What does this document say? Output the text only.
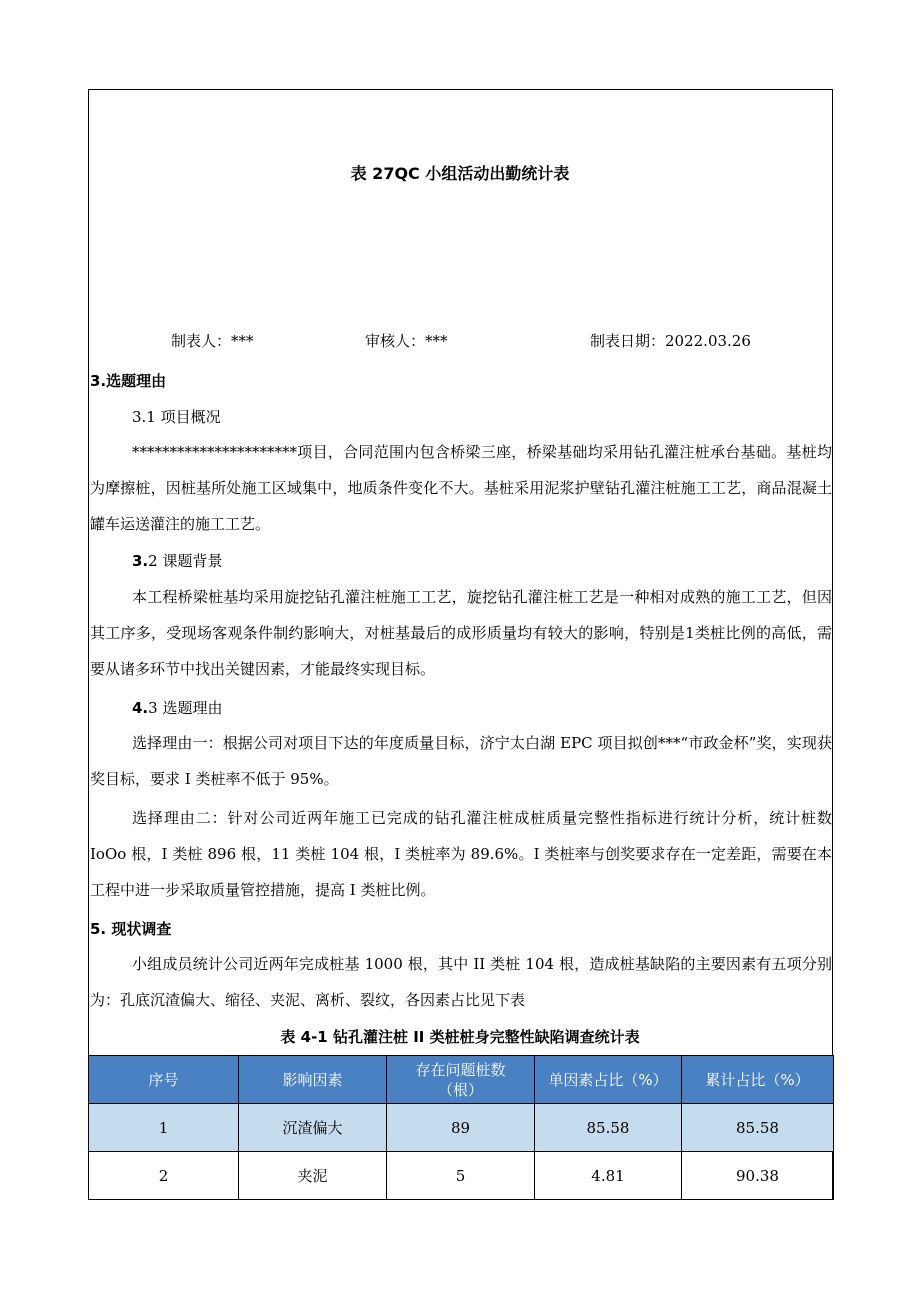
表 27QC 小组活动出勤统计表
制表人：***	审核人：***	制表日期：2022.03.26
3.选题理由
3.1 项目概况

**********************项目，合同范围内包含桥梁三座，桥梁基础均采用钻孔灌注桩承台基础。基桩均为摩擦桩，因桩基所处施工区域集中，地质条件变化不大。基桩采用泥浆护壁钻孔灌注桩施工工艺，商品混凝土罐车运送灌注的施工工艺。

3.2 课题背景

本工程桥梁桩基均采用旋挖钻孔灌注桩施工工艺，旋挖钻孔灌注桩工艺是一种相对成熟的施工工艺，但因其工序多，受现场客观条件制约影响大，对桩基最后的成形质量均有较大的影响，特别是1类桩比例的高低，需要从诸多环节中找出关键因素，才能最终实现目标。

4.3 选题理由

选择理由一：根据公司对项目下达的年度质量目标，济宁太白湖 EPC 项目拟创***“市政金杯”奖，实现获奖目标，要求 I 类桩率不低于 95%。

选择理由二：针对公司近两年施工已完成的钻孔灌注桩成桩质量完整性指标进行统计分析，统计桩数 IoOo 根，I 类桩 896 根，11 类桩 104 根，I 类桩率为 89.6%。I 类桩率与创奖要求存在一定差距，需要在本工程中进一步采取质量管控措施，提高 I 类桩比例。

5. 现状调查

小组成员统计公司近两年完成桩基 1000 根，其中 II 类桩 104 根，造成桩基缺陷的主要因素有五项分别为：孔底沉渣偏大、缩径、夹泥、离析、裂纹，各因素占比见下表

表 4-1 钻孔灌注桩 II 类桩桩身完整性缺陷调查统计表
序号	影响因素	存在问题桩数（根）	单因素占比（%）	累计占比（%）
1	沉渣偏大	89	85.58	85.58
2	夹泥	5	4.81	90.38
